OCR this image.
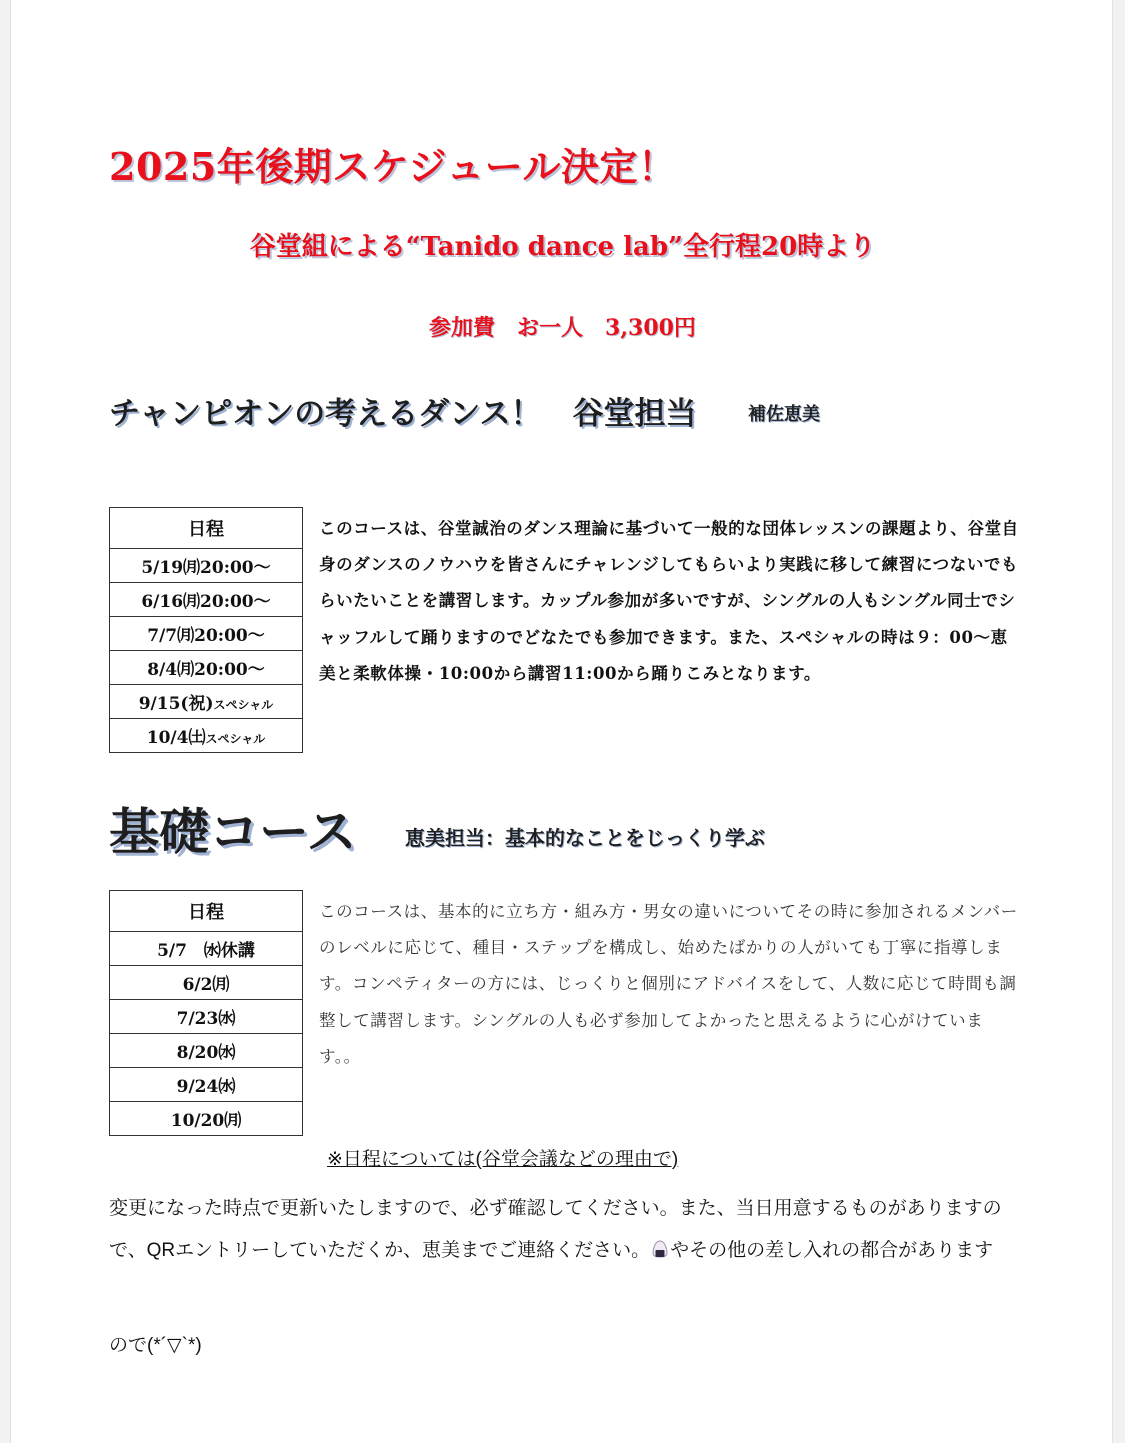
2025年後期スケジュール決定！
谷堂組による“Tanido dance lab”全行程20時より
参加費　お一人　3,300円
チャンピオンの考えるダンス！　谷堂担当	補佐恵美
日程
5/19㈪20:00〜
6/16㈪20:00〜
7/7㈪20:00〜
8/4㈪20:00〜
9/15(祝)スペシャル
10/4㈯スペシャル
このコースは、谷堂誠治のダンス理論に基づいて一般的な団体レッスンの課題より、谷堂自身のダンスのノウハウを皆さんにチャレンジしてもらいより実践に移して練習につないでもらいたいことを講習します。カップル参加が多いですが、シングルの人もシングル同士でシャッフルして踊りますのでどなたでも参加できます。また、スペシャルの時は９：00〜恵美と柔軟体操・10:00から講習11:00から踊りこみとなります。
基礎コース 恵美担当：基本的なことをじっくり学ぶ
日程
5/7　㈬休講
6/2㈪
7/23㈬
8/20㈬
9/24㈬
10/20㈪
このコースは、基本的に立ち方・組み方・男女の違いについてその時に参加されるメンバーのレベルに応じて、種目・ステップを構成し、始めたばかりの人がいても丁寧に指導します。コンペティターの方には、じっくりと個別にアドバイスをして、人数に応じて時間も調整して講習します。シングルの人も必ず参加してよかったと思えるように心がけています。。
※日程については(谷堂会議などの理由で)
変更になった時点で更新いたしますので、必ず確認してください。また、当日用意するものがありますので、QRエントリーしていただくか、恵美までご連絡ください。 やその他の差し入れの都合があります
ので(*´▽`*)
